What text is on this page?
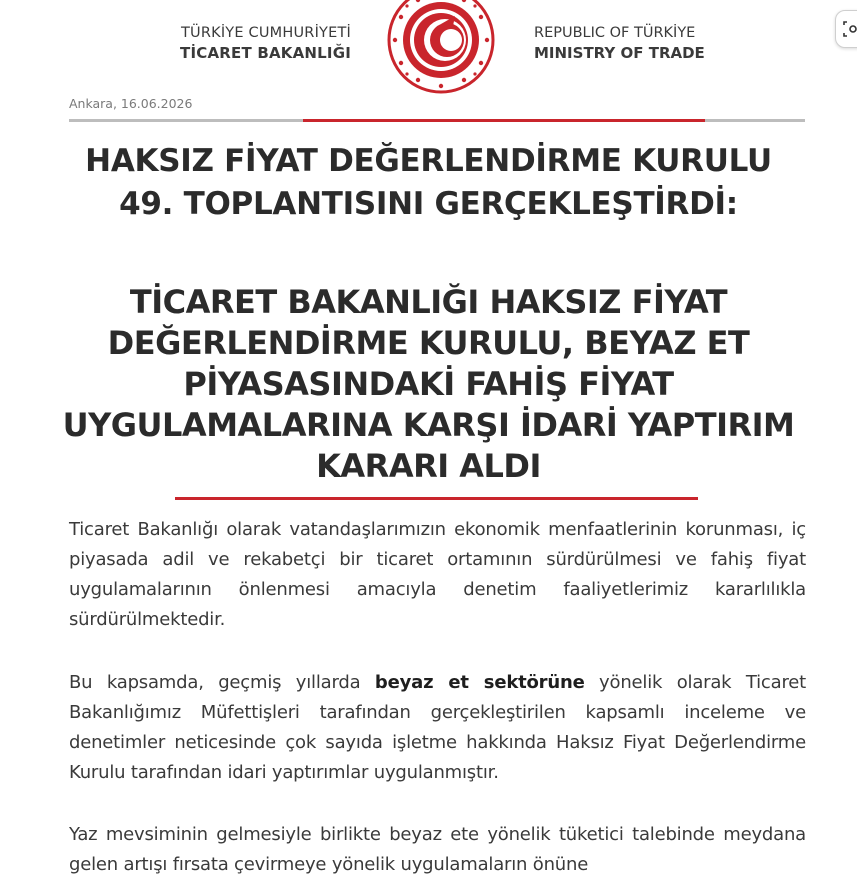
TÜRKİYE CUMHURİYETİ
TİCARET BAKANLIĞI
REPUBLIC OF TÜRKİYE
MINISTRY OF TRADE
Ankara, 16.06.2026
HAKSIZ FİYAT DEĞERLENDİRME KURULU 49. TOPLANTISINI GERÇEKLEŞTİRDİ:
TİCARET BAKANLIĞI HAKSIZ FİYAT DEĞERLENDİRME KURULU, BEYAZ ET PİYASASINDAKİ FAHİŞ FİYAT UYGULAMALARINA KARŞI İDARİ YAPTIRIM KARARI ALDI

Ticaret Bakanlığı olarak vatandaşlarımızın ekonomik menfaatlerinin korunması, iç piyasada adil ve rekabetçi bir ticaret ortamının sürdürülmesi ve fahiş fiyat uygulamalarının önlenmesi amacıyla denetim faaliyetlerimiz kararlılıkla sürdürülmektedir.

Bu kapsamda, geçmiş yıllarda beyaz et sektörüne yönelik olarak Ticaret Bakanlığımız Müfettişleri tarafından gerçekleştirilen kapsamlı inceleme ve denetimler neticesinde çok sayıda işletme hakkında Haksız Fiyat Değerlendirme Kurulu tarafından idari yaptırımlar uygulanmıştır.

Yaz mevsiminin gelmesiyle birlikte beyaz ete yönelik tüketici talebinde meydana gelen artışı fırsata çevirmeye yönelik uygulamaların önüne
